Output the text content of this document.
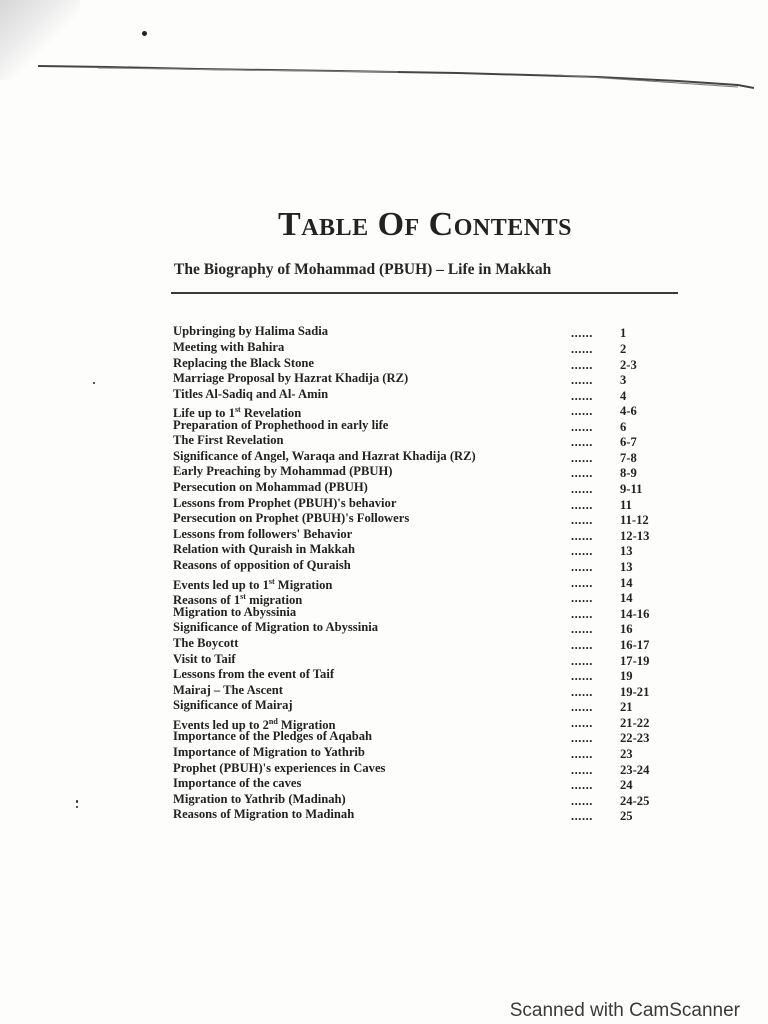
Table Of Contents
The Biography of Mohammad (PBUH) – Life in Makkah
Upbringing by Halima Sadia	...... 1
Meeting with Bahira	...... 2
Replacing the Black Stone	...... 2-3
Marriage Proposal by Hazrat Khadija (RZ)	...... 3
Titles Al-Sadiq and Al- Amin	...... 4
Life up to 1st Revelation	...... 4-6
Preparation of Prophethood in early life	...... 6
The First Revelation	...... 6-7
Significance of Angel, Waraqa and Hazrat Khadija (RZ)	...... 7-8
Early Preaching by Mohammad (PBUH)	...... 8-9
Persecution on Mohammad (PBUH)	...... 9-11
Lessons from Prophet (PBUH)'s behavior	...... 11
Persecution on Prophet (PBUH)'s Followers	...... 11-12
Lessons from followers' Behavior	...... 12-13
Relation with Quraish in Makkah	...... 13
Reasons of opposition of Quraish	...... 13
Events led up to 1st Migration	...... 14
Reasons of 1st migration	...... 14
Migration to Abyssinia	...... 14-16
Significance of Migration to Abyssinia	...... 16
The Boycott	...... 16-17
Visit to Taif	...... 17-19
Lessons from the event of Taif	...... 19
Mairaj – The Ascent	...... 19-21
Significance of Mairaj	...... 21
Events led up to 2nd Migration	...... 21-22
Importance of the Pledges of Aqabah	...... 22-23
Importance of Migration to Yathrib	...... 23
Prophet (PBUH)'s experiences in Caves	...... 23-24
Importance of the caves	...... 24
Migration to Yathrib (Madinah)	...... 24-25
Reasons of Migration to Madinah	...... 25
Scanned with CamScanner
